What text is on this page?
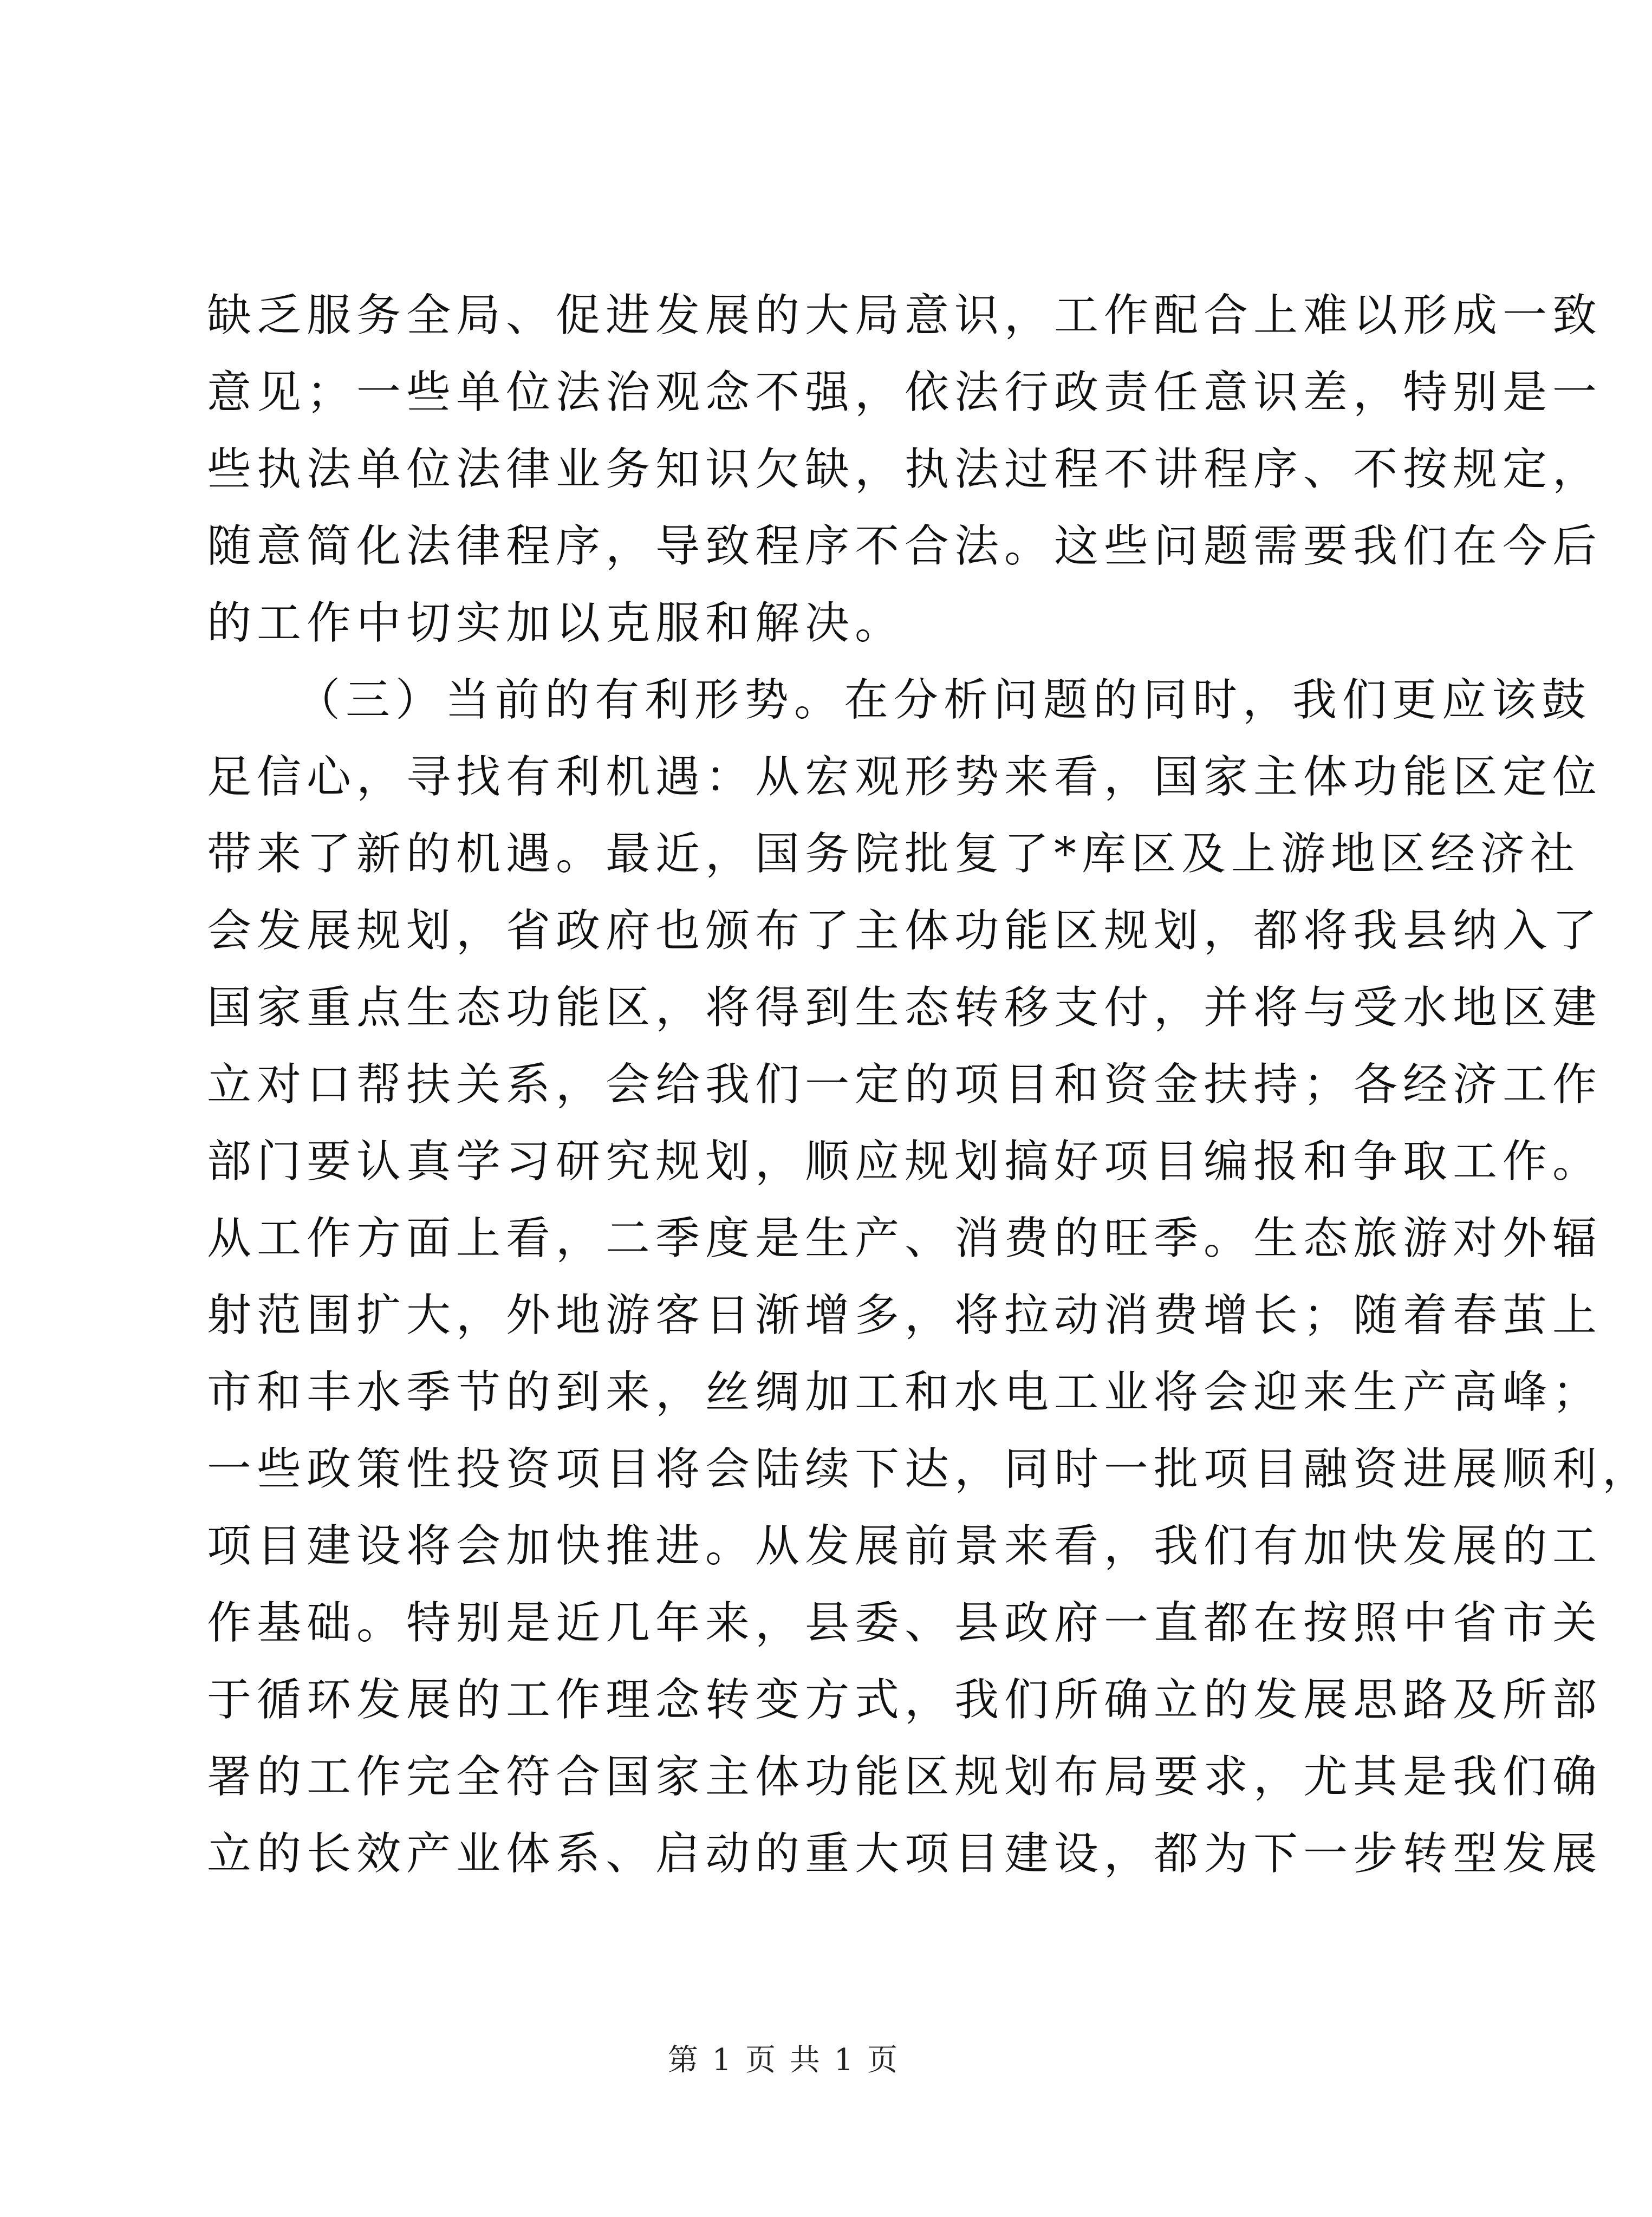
缺乏服务全局、促进发展的大局意识，工作配合上难以形成一致
意见；一些单位法治观念不强，依法行政责任意识差，特别是一
些执法单位法律业务知识欠缺，执法过程不讲程序、不按规定，
随意简化法律程序，导致程序不合法。这些问题需要我们在今后
的工作中切实加以克服和解决。
（三）当前的有利形势。在分析问题的同时，我们更应该鼓
足信心，寻找有利机遇：从宏观形势来看，国家主体功能区定位
带来了新的机遇。最近，国务院批复了*库区及上游地区经济社
会发展规划，省政府也颁布了主体功能区规划，都将我县纳入了
国家重点生态功能区，将得到生态转移支付，并将与受水地区建
立对口帮扶关系，会给我们一定的项目和资金扶持；各经济工作
部门要认真学习研究规划，顺应规划搞好项目编报和争取工作。
从工作方面上看，二季度是生产、消费的旺季。生态旅游对外辐
射范围扩大，外地游客日渐增多，将拉动消费增长；随着春茧上
市和丰水季节的到来，丝绸加工和水电工业将会迎来生产高峰；
一些政策性投资项目将会陆续下达，同时一批项目融资进展顺利，
项目建设将会加快推进。从发展前景来看，我们有加快发展的工
作基础。特别是近几年来，县委、县政府一直都在按照中省市关
于循环发展的工作理念转变方式，我们所确立的发展思路及所部
署的工作完全符合国家主体功能区规划布局要求，尤其是我们确
立的长效产业体系、启动的重大项目建设，都为下一步转型发展
第 1 页 共 1 页
